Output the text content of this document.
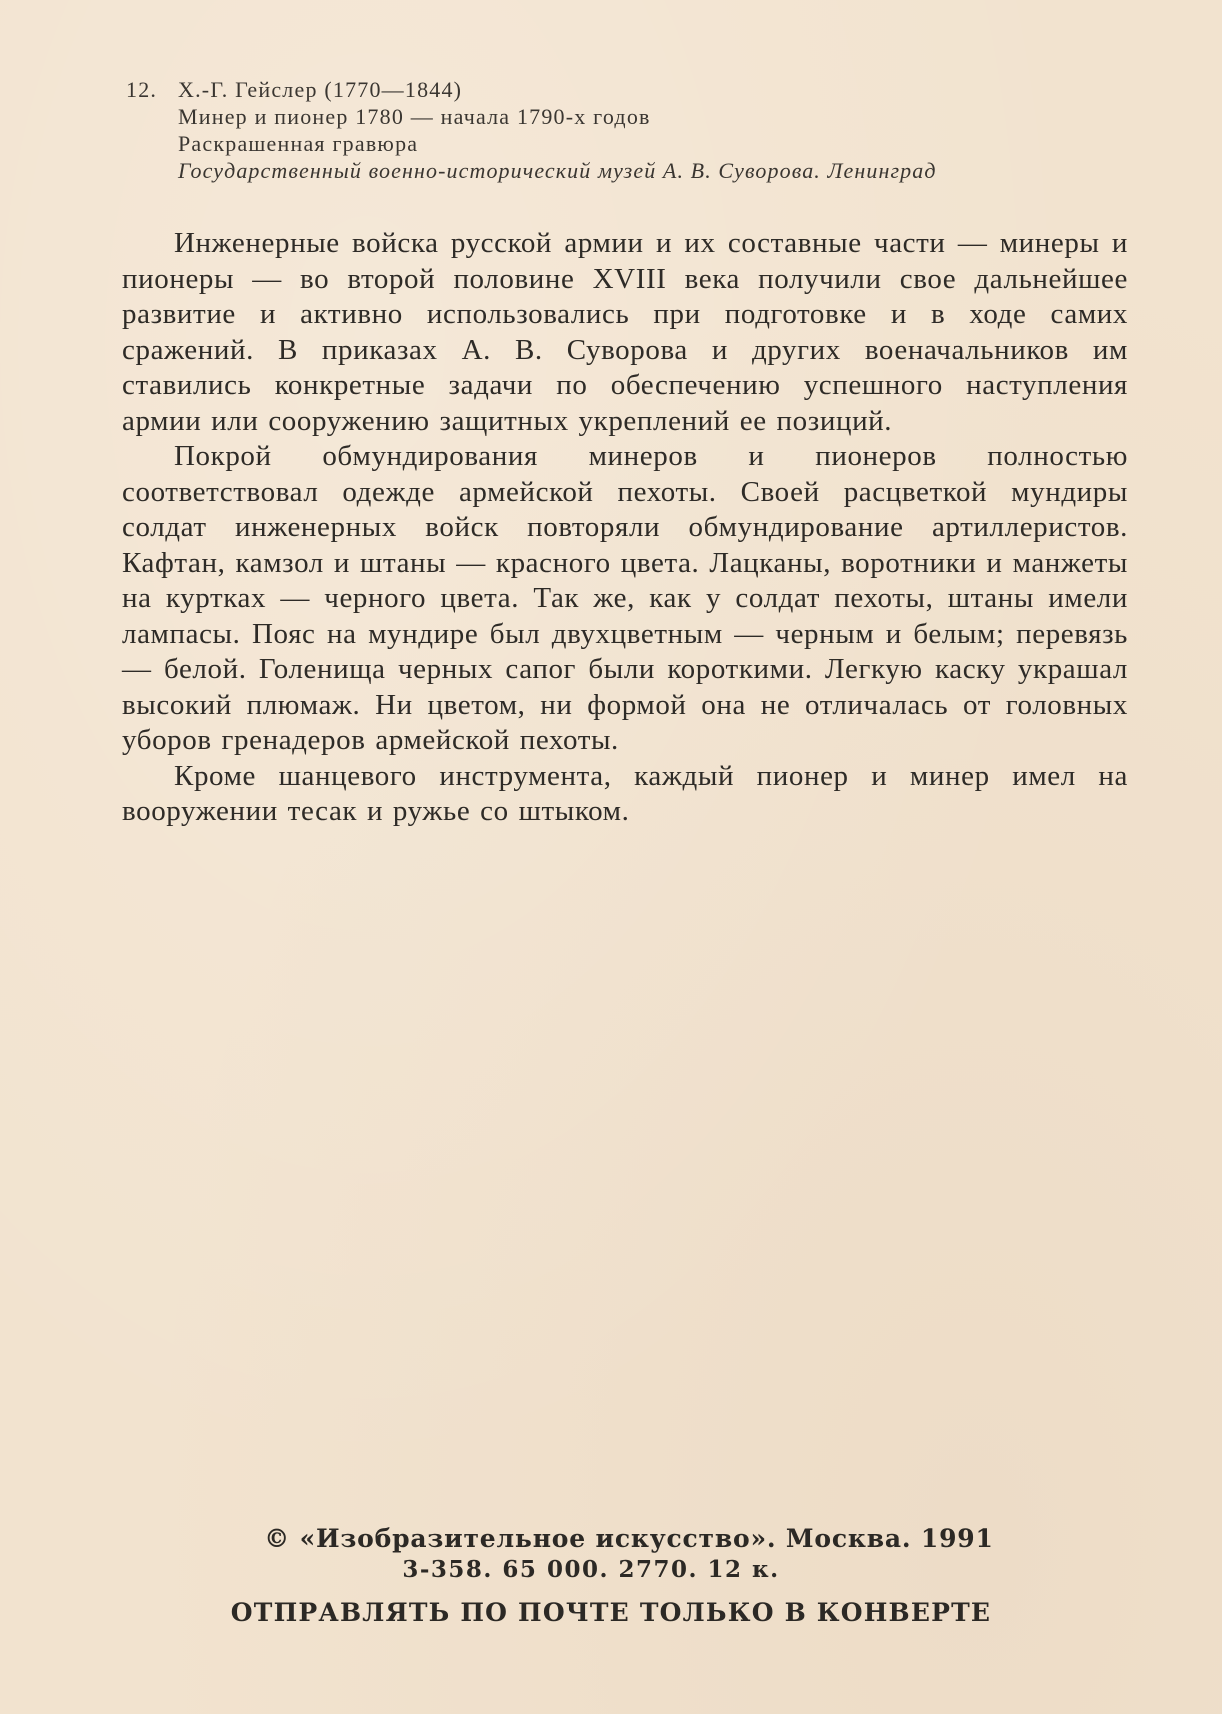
12. Х.-Г. Гейслер (1770—1844)
Минер и пионер 1780 — начала 1790-х годов
Раскрашенная гравюра
Государственный военно-исторический музей А. В. Суворова. Ленинград

Инженерные войска русской армии и их составные части — минеры и пионеры — во второй половине XVIII века получили свое дальнейшее развитие и активно использовались при подготовке и в ходе самих сражений. В приказах А. В. Суворова и других военачальников им ставились конкретные задачи по обеспечению успешного наступления армии или сооружению защитных укреплений ее позиций.

Покрой обмундирования минеров и пионеров полностью соответствовал одежде армейской пехоты. Своей расцветкой мундиры солдат инженерных войск повторяли обмундирование артиллеристов. Кафтан, камзол и штаны — красного цвета. Лацканы, воротники и манжеты на куртках — черного цвета. Так же, как у солдат пехоты, штаны имели лампасы. Пояс на мундире был двухцветным — черным и белым; перевязь — белой. Голенища черных сапог были короткими. Легкую каску украшал высокий плюмаж. Ни цветом, ни формой она не отличалась от головных уборов гренадеров армейской пехоты.

Кроме шанцевого инструмента, каждый пионер и минер имел на вооружении тесак и ружье со штыком.

© «Изобразительное искусство». Москва. 1991
3-358. 65 000. 2770. 12 к.
ОТПРАВЛЯТЬ ПО ПОЧТЕ ТОЛЬКО В КОНВЕРТЕ
